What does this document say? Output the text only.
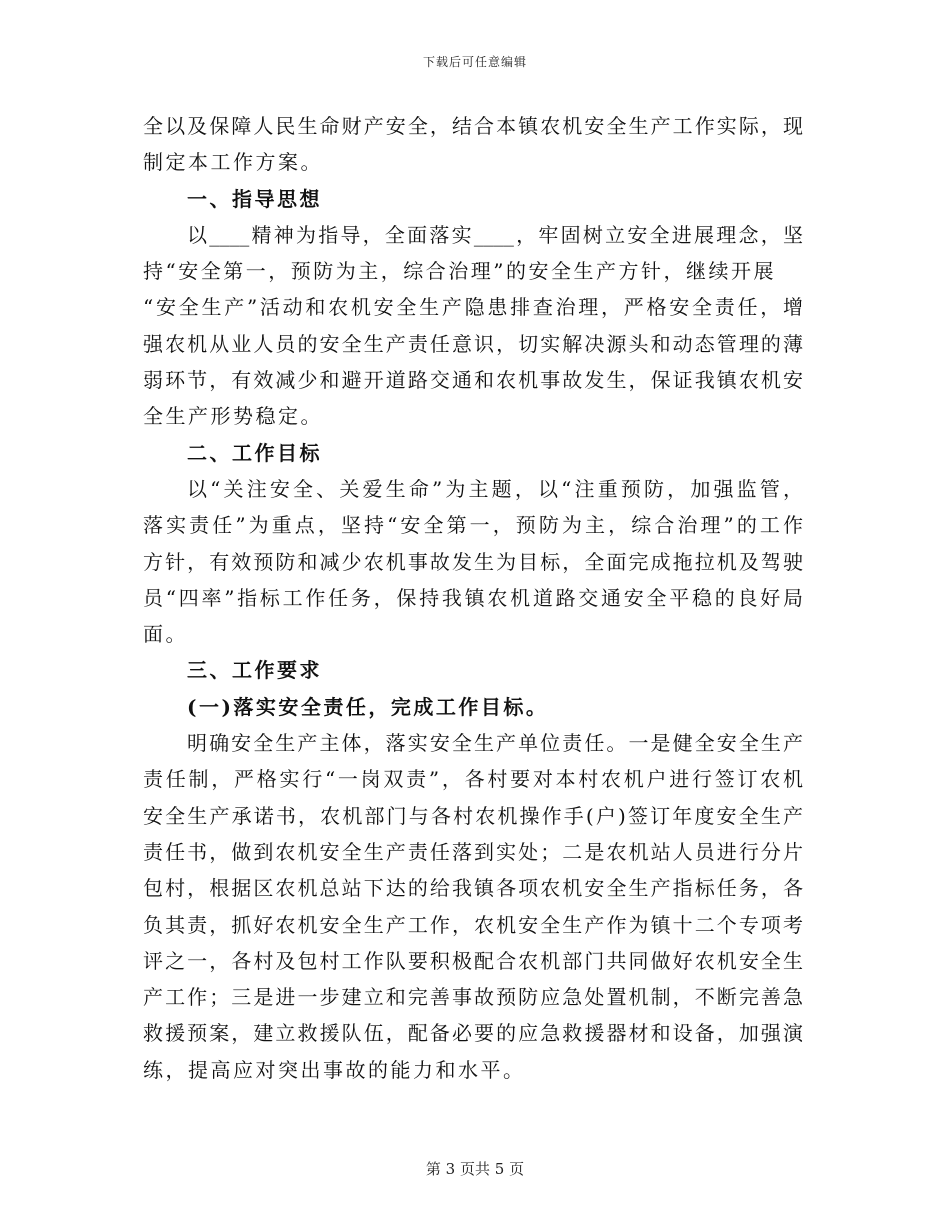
下载后可任意编辑
全以及保障人民生命财产安全，结合本镇农机安全生产工作实际，现
制定本工作方案。
一、指导思想
以____精神为指导，全面落实____，牢固树立安全进展理念，坚
持“安全第一，预防为主，综合治理”的安全生产方针，继续开展
“安全生产”活动和农机安全生产隐患排查治理，严格安全责任，增
强农机从业人员的安全生产责任意识，切实解决源头和动态管理的薄
弱环节，有效减少和避开道路交通和农机事故发生，保证我镇农机安
全生产形势稳定。
二、工作目标
以“关注安全、关爱生命”为主题，以“注重预防，加强监管，
落实责任”为重点，坚持“安全第一，预防为主，综合治理”的工作
方针，有效预防和减少农机事故发生为目标，全面完成拖拉机及驾驶
员“四率”指标工作任务，保持我镇农机道路交通安全平稳的良好局
面。
三、工作要求
(一)落实安全责任，完成工作目标。
明确安全生产主体，落实安全生产单位责任。一是健全安全生产
责任制，严格实行“一岗双责”，各村要对本村农机户进行签订农机
安全生产承诺书，农机部门与各村农机操作手(户)签订年度安全生产
责任书，做到农机安全生产责任落到实处；二是农机站人员进行分片
包村，根据区农机总站下达的给我镇各项农机安全生产指标任务，各
负其责，抓好农机安全生产工作，农机安全生产作为镇十二个专项考
评之一，各村及包村工作队要积极配合农机部门共同做好农机安全生
产工作；三是进一步建立和完善事故预防应急处置机制，不断完善急
救援预案，建立救援队伍，配备必要的应急救援器材和设备，加强演
练，提高应对突出事故的能力和水平。
第 3 页共 5 页
